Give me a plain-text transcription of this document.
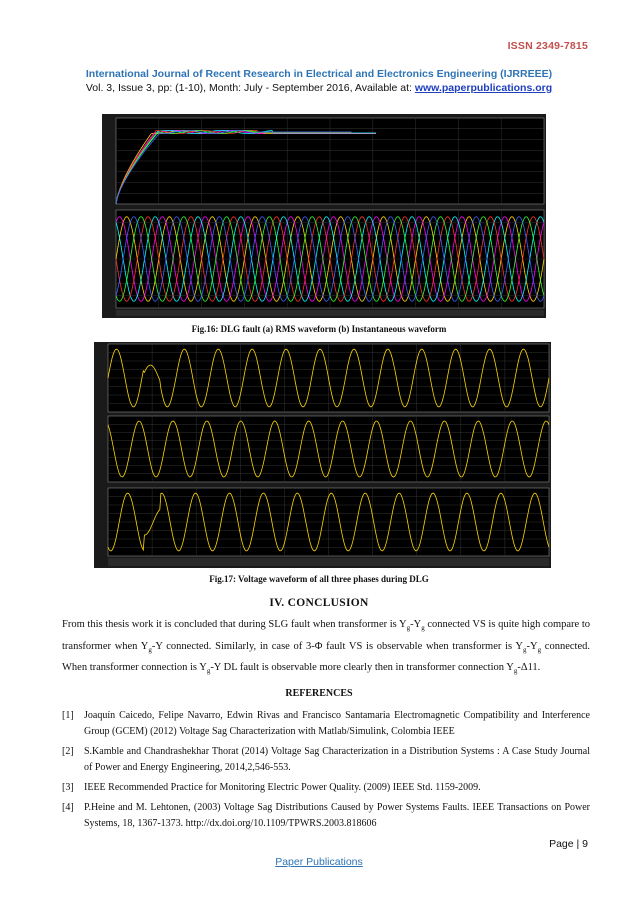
ISSN 2349-7815
International Journal of Recent Research in Electrical and Electronics Engineering (IJRREEE)
Vol. 3, Issue 3, pp: (1-10), Month: July - September 2016, Available at: www.paperpublications.org
Fig.16: DLG fault (a) RMS waveform (b) Instantaneous waveform
Fig.17: Voltage waveform of all three phases during DLG
IV. CONCLUSION
From this thesis work it is concluded that during SLG fault when transformer is $Y_g-Y_g$ connected VS is quite high compare to transformer when $Y_g-Y$ connected. Similarly, in case of 3-Φ fault VS is observable when transformer is $Y_g-Y_g$ connected. When transformer connection is $Y_g-Y$ DL fault is observable more clearly then in transformer connection $Y_g-\Delta 11$.
REFERENCES
[1] Joaquín Caicedo, Felipe Navarro, Edwin Rivas and Francisco Santamaria Electromagnetic Compatibility and Interference Group (GCEM) (2012) Voltage Sag Characterization with Matlab/Simulink, Colombia IEEE
[2] S.Kamble and Chandrashekhar Thorat (2014) Voltage Sag Characterization in a Distribution Systems : A Case Study Journal of Power and Energy Engineering, 2014,2,546-553.
[3] IEEE Recommended Practice for Monitoring Electric Power Quality. (2009) IEEE Std. 1159-2009.
[4] P.Heine and M. Lehtonen, (2003) Voltage Sag Distributions Caused by Power Systems Faults. IEEE Transactions on Power Systems, 18, 1367-1373. http://dx.doi.org/10.1109/TPWRS.2003.818606
Page | 9
Paper Publications
